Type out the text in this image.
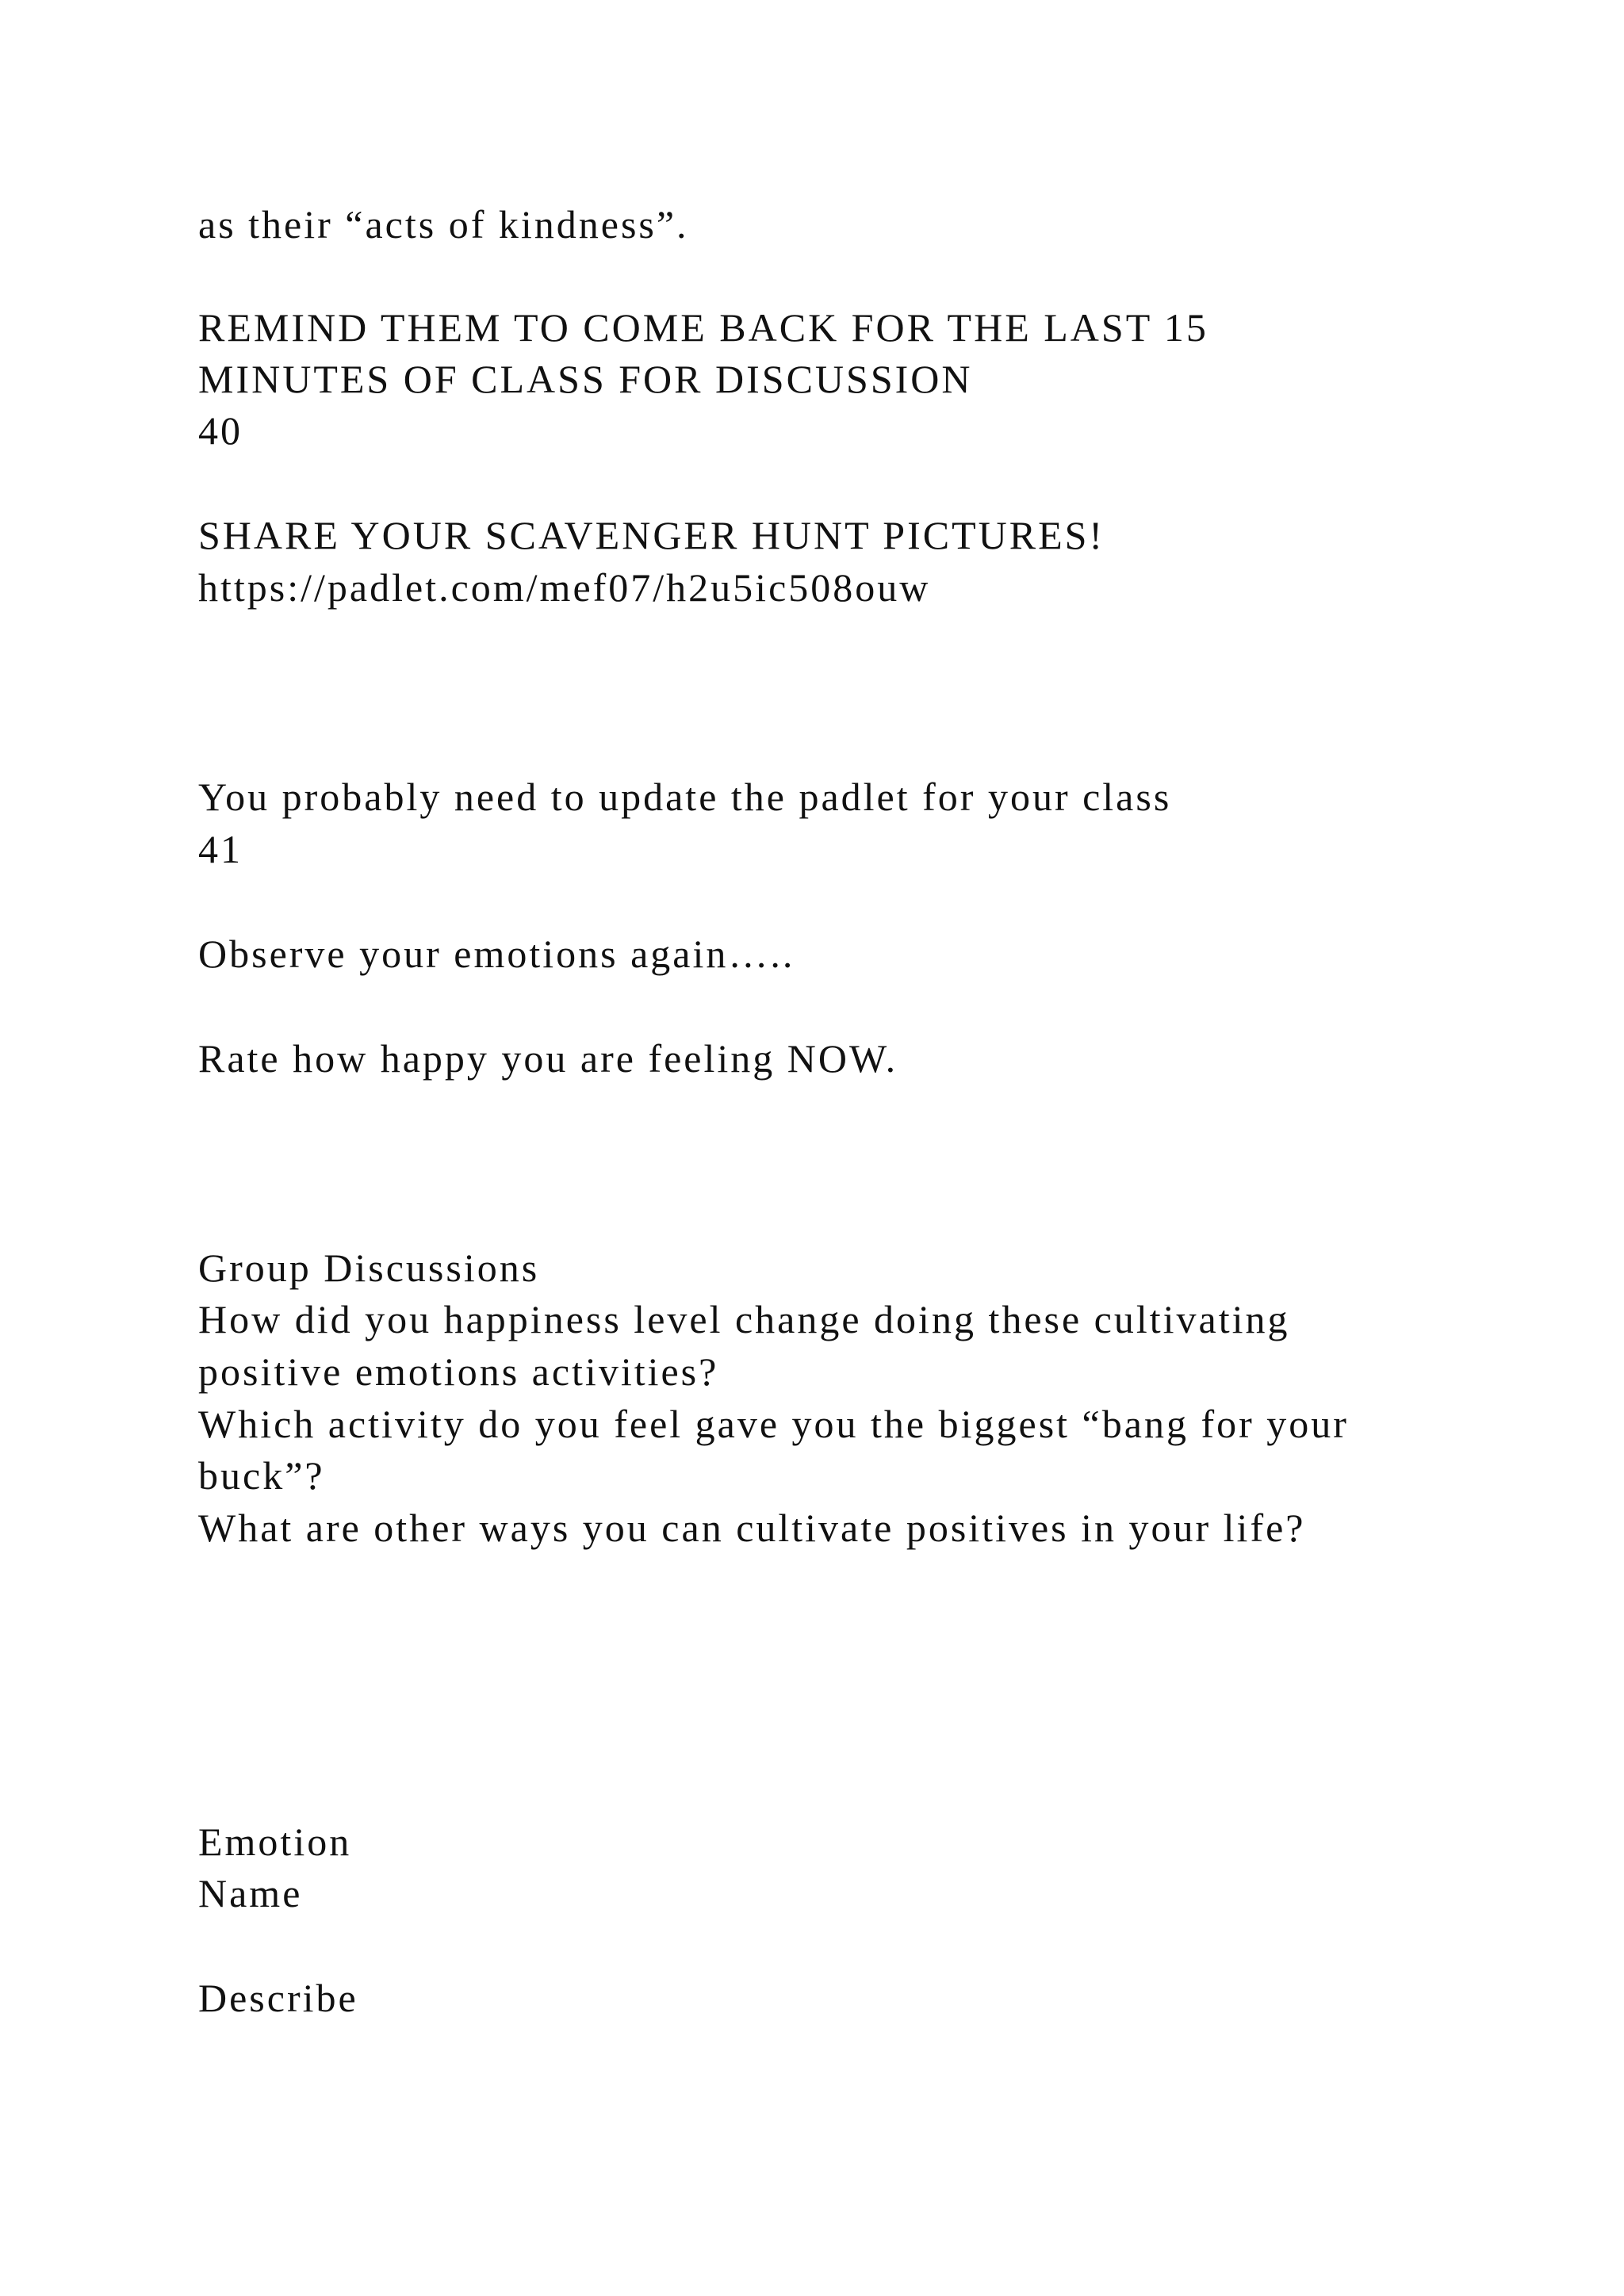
as their “acts of kindness”.

REMIND THEM TO COME BACK FOR THE LAST 15

MINUTES OF CLASS FOR DISCUSSION

40

SHARE YOUR SCAVENGER HUNT PICTURES!

https://padlet.com/mef07/h2u5ic508ouw

You probably need to update the padlet for your class

41

Observe your emotions again…..

Rate how happy you are feeling NOW.

Group Discussions

How did you happiness level change doing these cultivating

positive emotions activities?

Which activity do you feel gave you the biggest “bang for your

buck”?

What are other ways you can cultivate positives in your life?

Emotion

Name

Describe
